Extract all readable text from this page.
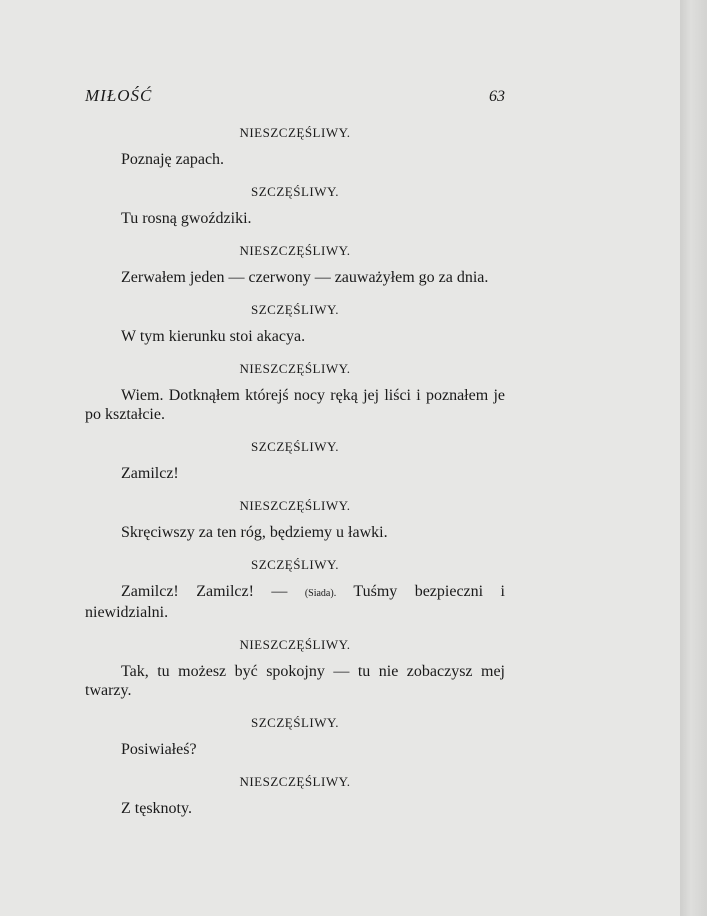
MIŁOŚĆ	63
NIESZCZĘŚLIWY.

Poznaję zapach.

SZCZĘŚLIWY.

Tu rosną gwoździki.

NIESZCZĘŚLIWY.

Zerwałem jeden — czerwony — zauważyłem go za dnia.

SZCZĘŚLIWY.

W tym kierunku stoi akacya.

NIESZCZĘŚLIWY.

Wiem. Dotknąłem którejś nocy ręką jej liści i poznałem je po kształcie.

SZCZĘŚLIWY.

Zamilcz!

NIESZCZĘŚLIWY.

Skręciwszy za ten róg, będziemy u ławki.

SZCZĘŚLIWY.

Zamilcz! Zamilcz! — (Siada). Tuśmy bezpieczni i niewidzialni.

NIESZCZĘŚLIWY.

Tak, tu możesz być spokojny — tu nie zobaczysz mej twarzy.

SZCZĘŚLIWY.

Posiwiałeś?

NIESZCZĘŚLIWY.

Z tęsknoty.
